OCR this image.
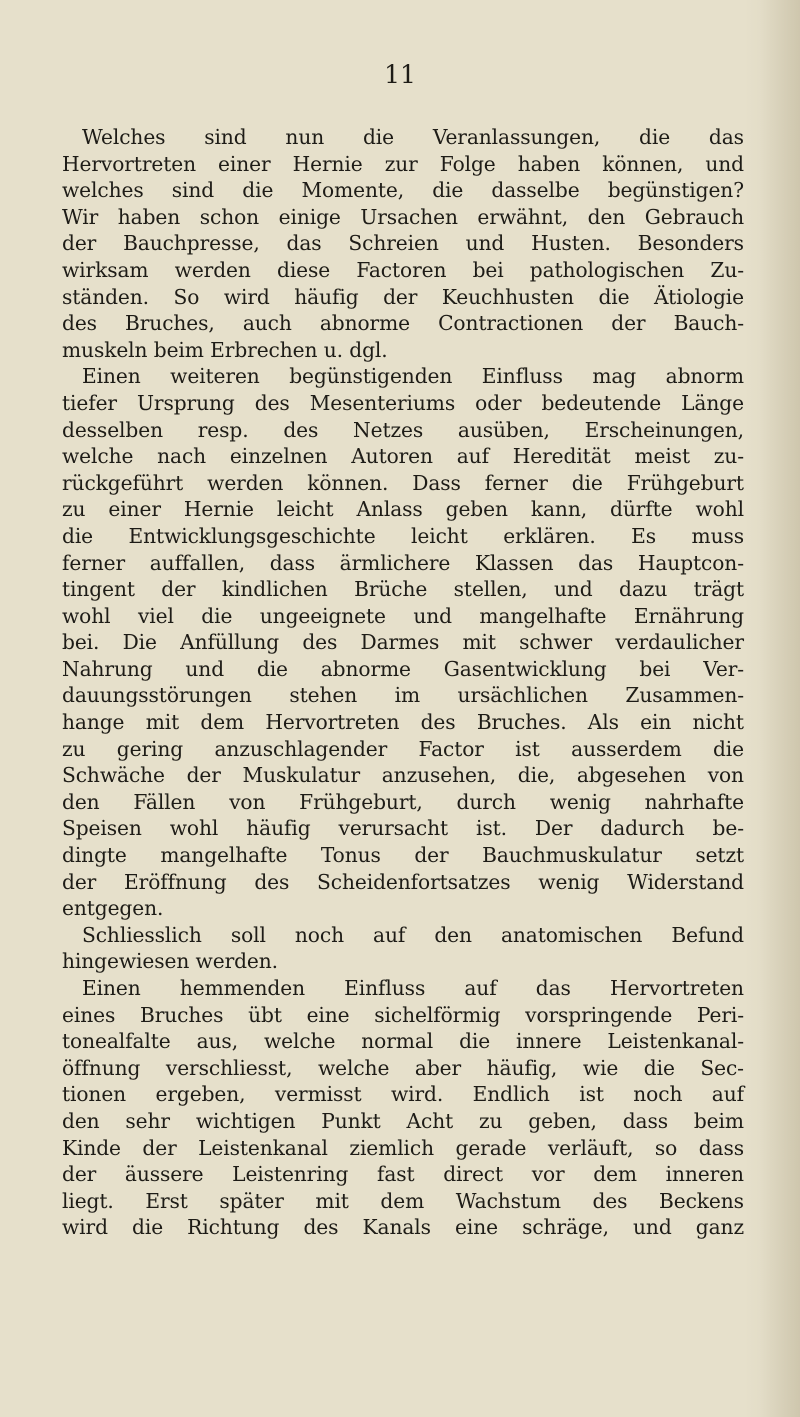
11
Welches sind nun die Veranlassungen, die das
Hervortreten einer Hernie zur Folge haben können, und
welches sind die Momente, die dasselbe begünstigen?
Wir haben schon einige Ursachen erwähnt, den Gebrauch
der Bauchpresse, das Schreien und Husten. Besonders
wirksam werden diese Factoren bei pathologischen Zu-
ständen. So wird häufig der Keuchhusten die Ätiologie
des Bruches, auch abnorme Contractionen der Bauch-
muskeln beim Erbrechen u. dgl.
Einen weiteren begünstigenden Einfluss mag abnorm
tiefer Ursprung des Mesenteriums oder bedeutende Länge
desselben resp. des Netzes ausüben, Erscheinungen,
welche nach einzelnen Autoren auf Heredität meist zu-
rückgeführt werden können. Dass ferner die Frühgeburt
zu einer Hernie leicht Anlass geben kann, dürfte wohl
die Entwicklungsgeschichte leicht erklären. Es muss
ferner auffallen, dass ärmlichere Klassen das Hauptcon-
tingent der kindlichen Brüche stellen, und dazu trägt
wohl viel die ungeeignete und mangelhafte Ernährung
bei. Die Anfüllung des Darmes mit schwer verdaulicher
Nahrung und die abnorme Gasentwicklung bei Ver-
dauungsstörungen stehen im ursächlichen Zusammen-
hange mit dem Hervortreten des Bruches. Als ein nicht
zu gering anzuschlagender Factor ist ausserdem die
Schwäche der Muskulatur anzusehen, die, abgesehen von
den Fällen von Frühgeburt, durch wenig nahrhafte
Speisen wohl häufig verursacht ist. Der dadurch be-
dingte mangelhafte Tonus der Bauchmuskulatur setzt
der Eröffnung des Scheidenfortsatzes wenig Widerstand
entgegen.
Schliesslich soll noch auf den anatomischen Befund
hingewiesen werden.
Einen hemmenden Einfluss auf das Hervortreten
eines Bruches übt eine sichelförmig vorspringende Peri-
tonealfalte aus, welche normal die innere Leistenkanal-
öffnung verschliesst, welche aber häufig, wie die Sec-
tionen ergeben, vermisst wird. Endlich ist noch auf
den sehr wichtigen Punkt Acht zu geben, dass beim
Kinde der Leistenkanal ziemlich gerade verläuft, so dass
der äussere Leistenring fast direct vor dem inneren
liegt. Erst später mit dem Wachstum des Beckens
wird die Richtung des Kanals eine schräge, und ganz
